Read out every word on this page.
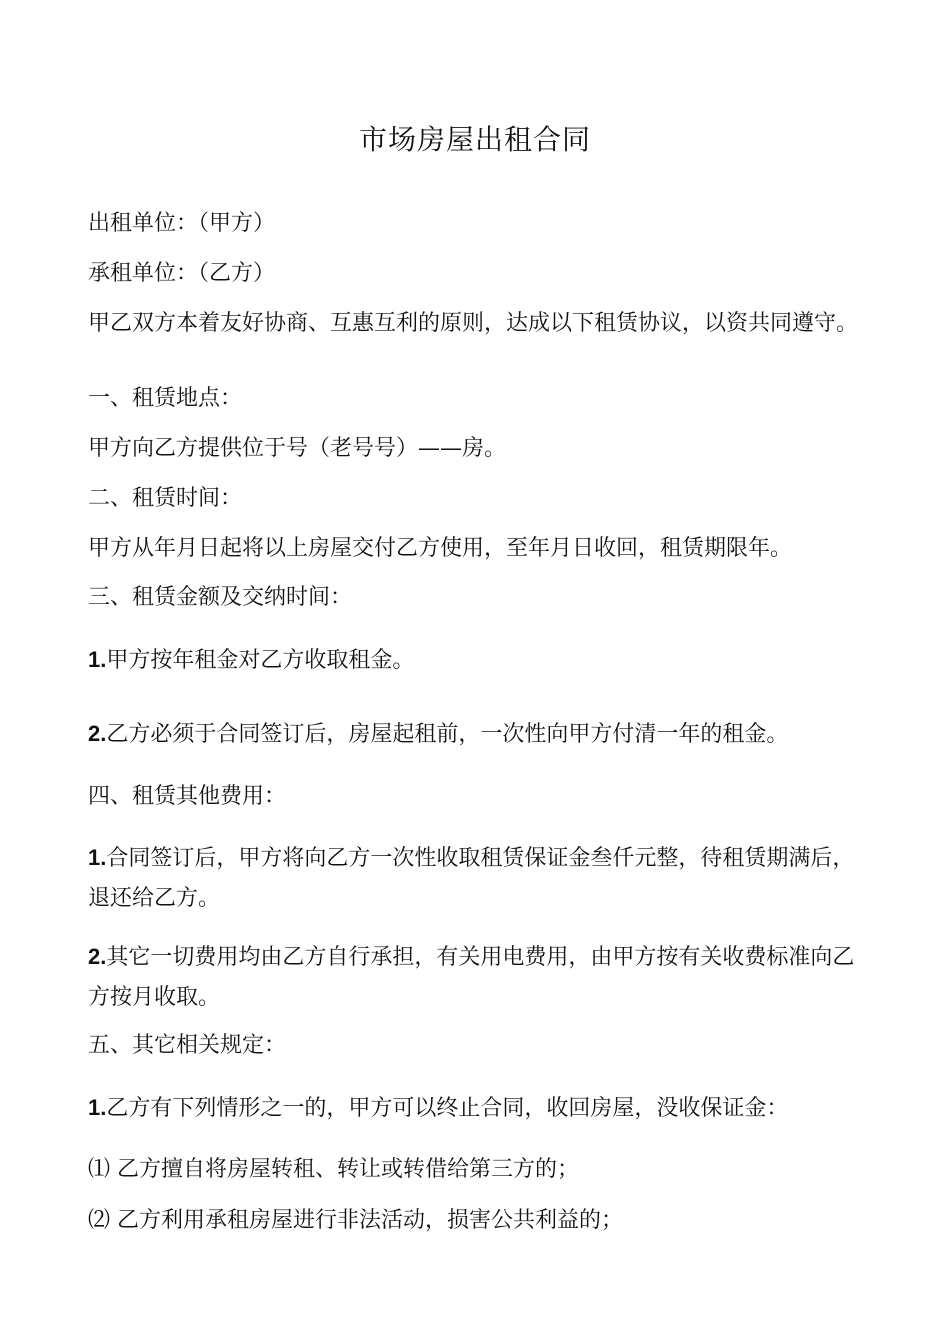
市场房屋出租合同
出租单位：（甲方）
承租单位：（乙方）
甲乙双方本着友好协商、互惠互利的原则，达成以下租赁协议，以资共同遵守。
一、租赁地点：
甲方向乙方提供位于号（老号号）——房。
二、租赁时间：
甲方从年月日起将以上房屋交付乙方使用，至年月日收回，租赁期限年。
三、租赁金额及交纳时间：
1.甲方按年租金对乙方收取租金。
2.乙方必须于合同签订后，房屋起租前，一次性向甲方付清一年的租金。
四、租赁其他费用：
1.合同签订后，甲方将向乙方一次性收取租赁保证金叁仟元整，待租赁期满后，退还给乙方。
2.其它一切费用均由乙方自行承担，有关用电费用，由甲方按有关收费标准向乙方按月收取。
五、其它相关规定：
1.乙方有下列情形之一的，甲方可以终止合同，收回房屋，没收保证金：
⑴ 乙方擅自将房屋转租、转让或转借给第三方的；
⑵ 乙方利用承租房屋进行非法活动，损害公共利益的；
